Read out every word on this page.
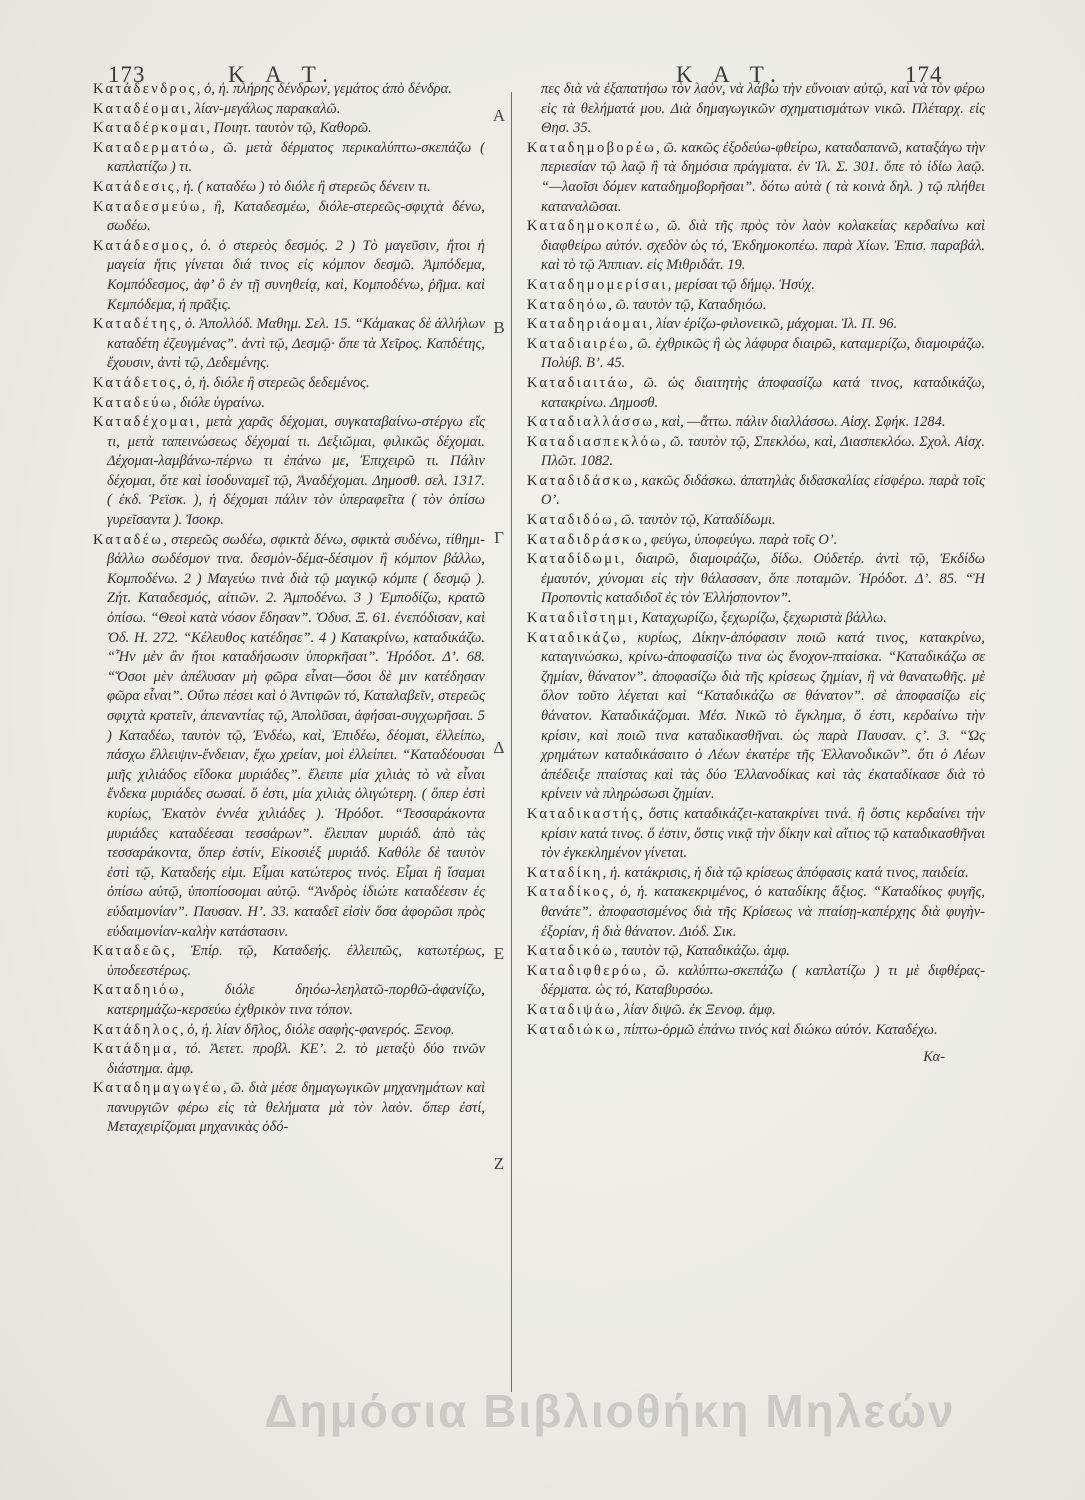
173	Κ Α Τ.	Κ Α Τ.	174
Α
Β
Γ
Δ
Ε
Ζ
Κατάδενδρος, ὁ, ἡ. πλήρης δένδρων, γεμάτος ἀπὸ δένδρα.
Καταδέομαι, λίαν-μεγάλως παρακαλῶ.
Καταδέρκομαι, Ποιητ. ταυτὸν τῷ, Καθορῶ.
Καταδερματόω, ῶ. μετὰ δέρματος περικαλύπτω-σκεπάζω ( καπλατίζω ) τι.
Κατάδεσις, ἡ. ( καταδέω ) τὸ διόλε ἢ στερεῶς δένειν τι.
Καταδεσμεύω, ἢ, Καταδεσμέω, διόλε-στερεῶς-σφιχτὰ δένω, σωδέω.
Κατάδεσμος, ὁ. ὁ στερεὸς δεσμός. 2 ) Τὸ μαγεῦσιν, ἤτοι ἡ μαγεία ἥτις γίνεται διά τινος εἰς κόμπον δεσμῶ. Ἀμπόδεμα, Κομπόδεσμος, ἀφ’ ὃ ἐν τῇ συνηθείᾳ, καὶ, Κομποδένω, ῥῆμα. καὶ Κεμπόδεμα, ἡ πρᾶξις.
Καταδέτης, ὁ. Ἀπολλόδ. Μαθημ. Σελ. 15. “Κάμακας δὲ ἀλλήλων καταδέτη ἐζευγμένας”. ἀντὶ τῷ, Δεσμῷ· ὅπε τὰ Χεῖρος. Καπδέτης, ἔχουσιν, ἀντὶ τῷ, Δεδεμένης.
Κατάδετος, ὁ, ἡ. διόλε ἢ στερεῶς δεδεμένος.
Καταδεύω, διόλε ὑγραίνω.
Καταδέχομαι, μετὰ χαρᾶς δέχομαι, συγκαταβαίνω-στέργω εἴς τι, μετὰ ταπεινώσεως δέχομαί τι. Δεξιῶμαι, φιλικῶς δέχομαι. Δέχομαι-λαμβάνω-πέρνω τι ἐπάνω με, Ἐπιχειρῶ τι. Πάλιν δέχομαι, ὅτε καὶ ἰσοδυναμεῖ τῷ, Ἀναδέχομαι. Δημοσθ. σελ. 1317. ( ἐκδ. Ῥεϊσκ. ), ἡ δέχομαι πάλιν τὸν ὑπεραφεῖτα ( τὸν ὀπίσω γυρεῖσαντα ). Ἰσοκρ.
Καταδέω, στερεῶς σωδέω, σφικτὰ δένω, σφικτὰ συδένω, τίθημι-βάλλω σωδέσμον τινα. δεσμὸν-δέμα-δέσιμον ἢ κόμπον βάλλω, Κομποδένω. 2 ) Μαγεύω τινὰ διὰ τῷ μαγικῷ κόμπε ( δεσμῷ ). Ζήτ. Καταδεσμός, αἰτιῶν. 2. Ἀμποδένω. 3 ) Ἐμποδίζω, κρατῶ ὀπίσω. “Θεοὶ κατὰ νόσον ἔδησαν”. Ὀδυσ. Ξ. 61. ἐνεπόδισαν, καὶ Ὀδ. Η. 272. “Κέλευθος κατέδησε”. 4 ) Κατακρίνω, καταδικάζω. “Ἦν μὲν ἂν ἤτοι καταδήσωσιν ὑπορκῆσαι”. Ἡρόδοτ. Δ’. 68. “Ὅσοι μὲν ἀπέλυσαν μὴ φῶρα εἶναι—ὅσοι δὲ μιν κατέδησαν φῶρα εἶναι”. Οὕτω πέσει καὶ ὁ Ἀντιφῶν τό, Καταλαβεῖν, στερεῶς σφιχτὰ κρατεῖν, ἀπεναντίας τῷ, Ἀπολῦσαι, ἀφήσαι-συγχωρῆσαι. 5 ) Καταδέω, ταυτὸν τῷ, Ἐνδέω, καὶ, Ἐπιδέω, δέομαι, ἐλλείπω, πάσχω ἔλλειψιν-ἔνδειαν, ἔχω χρείαν, μοὶ ἐλλείπει. “Καταδέουσαι μιῆς χιλιάδος εἴδοκα μυριάδες”. ἔλειπε μία χιλιὰς τὸ νὰ εἶναι ἔνδεκα μυριάδες σωσαί. ὅ ἐστι, μία χιλιὰς ὀλιγώτερη. ( ὅπερ ἐστὶ κυρίως, Ἑκατὸν ἐννέα χιλιάδες ). Ἡρόδοτ. “Τεσσαράκοντα μυριάδες καταδέεσαι τεσσάρων”. ἔλειπαν μυριάδ. ἀπὸ τὰς τεσσαράκοντα, ὅπερ ἐστίν, Εἰκοσιέξ μυριάδ. Καθόλε δὲ ταυτὸν ἐστὶ τῷ, Καταδεής εἰμι. Εἶμαι κατώτερος τινός. Εἶμαι ἢ ἴσαμαι ὀπίσω αὐτῷ, ὑποπίοσομαι αὐτῷ. “Ἀνδρὸς ἰδιώτε καταδέεσιν ἐς εὐδαιμονίαν”. Παυσαν. Η’. 33. καταδεῖ εἰσὶν ὅσα ἀφορῶσι πρὸς εὐδαιμονίαν-καλὴν κατάστασιν.
Καταδεῶς, Ἐπίρ. τῷ, Καταδεής. ἐλλειπῶς, κατωτέρως, ὑποδεεστέρως.
Καταδηιόω, διόλε δηιόω-λεηλατῶ-πορθῶ-ἀφανίζω, κατερημάζω-κερσεύω ἐχθρικὸν τινα τόπον.
Κατάδηλος, ὁ, ἡ. λίαν δῆλος, διόλε σαφὴς-φανερός. Ξενοφ.
Κατάδημα, τό. Ἀετετ. προβλ. ΚΕ’. 2. τὸ μεταξὺ δύο τινῶν διάστημα. ἀμφ.
Καταδημαγωγέω, ῶ. διὰ μέσε δημαγωγικῶν μηχανημάτων καὶ πανυργιῶν φέρω εἰς τὰ θελήματα μὰ τὸν λαὸν. ὅπερ ἐστί, Μεταχειρίζομαι μηχανικὰς ὁδό-
πες διὰ νὰ ἐξαπατήσω τὸν λαὸν, νὰ λάβω τὴν εὔνοιαν αὐτῷ, καὶ νὰ τὸν φέρω εἰς τὰ θελήματά μου. Διὰ δημαγωγικῶν σχηματισμάτων νικῶ. Πλέταρχ. εἰς Θησ. 35.
Καταδημοβορέω, ῶ. κακῶς ἐξοδεύω-φθείρω, καταδαπανῶ, καταξάγω τὴν περιεσίαν τῷ λαῷ ἢ τὰ δημόσια πράγματα. ἐν Ἰλ. Σ. 301. ὅπε τὸ ἰδίω λαῷ. “—λαοῖσι δόμεν καταδημοβορῆσαι”. δότω αὐτὰ ( τὰ κοινὰ δηλ. ) τῷ πλήθει καταναλῶσαι.
Καταδημοκοπέω, ῶ. διὰ τῆς πρὸς τὸν λαὸν κολακείας κερδαίνω καὶ διαφθείρω αὐτόν. σχεδὸν ὡς τό, Ἐκδημοκοπέω. παρὰ Χίων. Ἐπισ. παραβάλ. καὶ τὸ τῷ Ἀππιαν. εἰς Μιθριδάτ. 19.
Καταδημομερίσαι, μερίσαι τῷ δήμῳ. Ἡσύχ.
Καταδηόω, ῶ. ταυτὸν τῷ, Καταδηιόω.
Καταδηριάομαι, λίαν ἐρίζω-φιλονεικῶ, μάχομαι. Ἰλ. Π. 96.
Καταδιαιρέω, ῶ. ἐχθρικῶς ἢ ὡς λάφυρα διαιρῶ, καταμερίζω, διαμοιράζω. Πολύβ. Β’. 45.
Καταδιαιτάω, ῶ. ὡς διαιτητὴς ἀποφασίζω κατά τινος, καταδικάζω, κατακρίνω. Δημοσθ.
Καταδιαλλάσσω, καὶ, —ἄττω. πάλιν διαλλάσσω. Αἰσχ. Σφήκ. 1284.
Καταδιασπεκλόω, ῶ. ταυτὸν τῷ, Σπεκλόω, καὶ, Διασπεκλόω. Σχολ. Αἰσχ. Πλῶτ. 1082.
Καταδιδάσκω, κακῶς διδάσκω. ἀπατηλὰς διδασκαλίας εἰσφέρω. παρὰ τοῖς Ο’.
Καταδιδόω, ῶ. ταυτὸν τῷ, Καταδίδωμι.
Καταδιδράσκω, φεύγω, ὑποφεύγω. παρὰ τοῖς Ο’.
Καταδίδωμι, διαιρῶ, διαμοιράζω, δίδω. Οὐδετέρ. ἀντὶ τῷ, Ἐκδίδω ἐμαυτόν, χύνομαι εἰς τὴν θάλασσαν, ὅπε ποταμῶν. Ἡρόδοτ. Δ’. 85. “Ἡ Προποντὶς καταδιδοῖ ἐς τὸν Ἑλλήσποντον”.
Καταδιΐστημι, Καταχωρίζω, ξεχωρίζω, ξεχωριστὰ βάλλω.
Καταδικάζω, κυρίως, Δίκην-ἀπόφασιν ποιῶ κατά τινος, κατακρίνω, καταγινώσκω, κρίνω-ἀποφασίζω τινα ὡς ἔνοχον-πταίσκα. “Καταδικάζω σε ζημίαν, θάνατον”. ἀποφασίζω διὰ τῆς κρίσεως ζημίαν, ἢ νὰ θανατωθῆς. μὲ ὅλον τοῦτο λέγεται καὶ “Καταδικάζω σε θάνατον”. σὲ ἀποφασίζω εἰς θάνατον. Καταδικάζομαι. Μέσ. Νικῶ τὸ ἔγκλημα, ὅ ἐστι, κερδαίνω τὴν κρίσιν, καὶ ποιῶ τινα καταδικασθῆναι. ὡς παρὰ Παυσαν. ς’. 3. “Ὡς χρημάτων καταδικάσαιτο ὁ Λέων ἑκατέρε τῆς Ἑλλανοδικῶν”. ὅτι ὁ Λέων ἀπέδειξε πταίστας καὶ τὰς δύο Ἑλλανοδίκας καὶ τὰς ἐκαταδίκασε διὰ τὸ κρίνειν νὰ πληρώσωσι ζημίαν.
Καταδικαστής, ὅστις καταδικάζει-κατακρίνει τινά. ἢ ὅστις κερδαίνει τὴν κρίσιν κατά τινος. ὅ ἐστιν, ὅστις νικᾷ τὴν δίκην καὶ αἴτιος τῷ καταδικασθῆναι τὸν ἐγκεκλημένον γίνεται.
Καταδίκη, ἡ. κατάκρισις, ἡ διὰ τῷ κρίσεως ἀπόφασις κατά τινος, παιδεία.
Καταδίκος, ὁ, ἡ. κατακεκριμένος, ὁ καταδίκης ἄξιος. “Καταδίκος φυγῆς, θανάτε”. ἀποφασισμένος διὰ τῆς Κρίσεως νὰ πταίσῃ-καπέρχης διὰ φυγὴν-ἐξορίαν, ἢ διὰ θάνατον. Διόδ. Σικ.
Καταδικόω, ταυτὸν τῷ, Καταδικάζω. ἀμφ.
Καταδιφθερόω, ῶ. καλύπτω-σκεπάζω ( καπλατίζω ) τι μὲ διφθέρας-δέρματα. ὡς τό, Καταβυρσόω.
Καταδιψάω, λίαν διψῶ. ἐκ Ξενοφ. ἀμφ.
Καταδιώκω, πίπτω-ὁρμῶ ἐπάνω τινός καὶ διώκω αὐτόν. Καταδέχω.
Κα-
Δημόσια Βιβλιοθήκη Μηλεών
